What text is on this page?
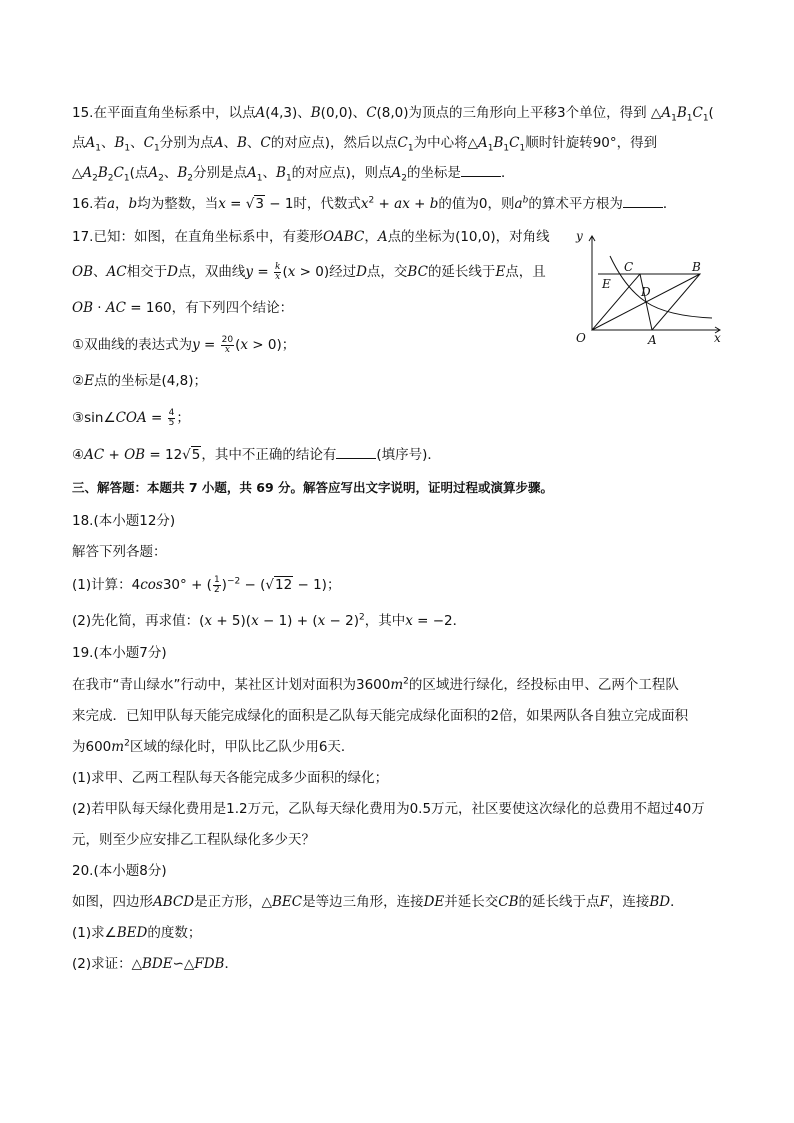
15.在平面直角坐标系中，以点A(4,3)、B(0,0)、C(8,0)为顶点的三角形向上平移3个单位，得到 $\triangle A_1B_1C_1$(
点$A_1$、$B_1$、$C_1$分别为点A、B、C的对应点)，然后以点$C_1$为中心将$\triangle A_1B_1C_1$顺时针旋转90°，得到
$\triangle A_2B_2C_1$(点$A_2$、$B_2$分别是点$A_1$、$B_1$的对应点)，则点$A_2$的坐标是	．
16.若a，b均为整数，当x = √3 − 1时，代数式$x^2$ + ax + b的值为0，则$a^b$的算术平方根为	．
17.已知：如图，在直角坐标系中，有菱形OABC，A点的坐标为(10,0)，对角线
OB、AC相交于D点，双曲线$y = \frac{k}{x} (x > 0)$经过D点，交BC的延长线于E点，且
OB · AC = 160，有下列四个结论：
①双曲线的表达式为$y = \frac{20}{x} (x > 0)$；
②E点的坐标是(4,8)；
③sin∠COA = $\frac{4}{5}$ ；
④AC + OB = 12√5，其中不正确的结论有	(填序号)．
y
x
O	A
B
C
D
E
三、解答题：本题共 7 小题，共 69 分。解答应写出文字说明，证明过程或演算步骤。
18.(本小题12分)
解答下列各题：
(1)计算：4cos30° + ( $\frac{1}{2} )^{-2} - (√12 - 1)$；
(2)先化简，再求值：$(x + 5)(x - 1) + (x - 2)^2$，其中x = −2．
19.(本小题7分)
在我市“青山绿水”行动中，某社区计划对面积为$3600m^2$的区域进行绿化，经投标由甲、乙两个工程队
来完成．已知甲队每天能完成绿化的面积是乙队每天能完成绿化面积的2倍，如果两队各自独立完成面积
为$600m^2$区域的绿化时，甲队比乙队少用6天．
(1)求甲、乙两工程队每天各能完成多少面积的绿化；
(2)若甲队每天绿化费用是1.2万元，乙队每天绿化费用为0.5万元，社区要使这次绿化的总费用不超过40万
元，则至少应安排乙工程队绿化多少天？
20.(本小题8分)
如图，四边形ABCD是正方形，△BEC是等边三角形，连接DE并延长交CB的延长线于点F，连接BD．
(1)求∠BED的度数；
(2)求证：△BDE∽△FDB．
